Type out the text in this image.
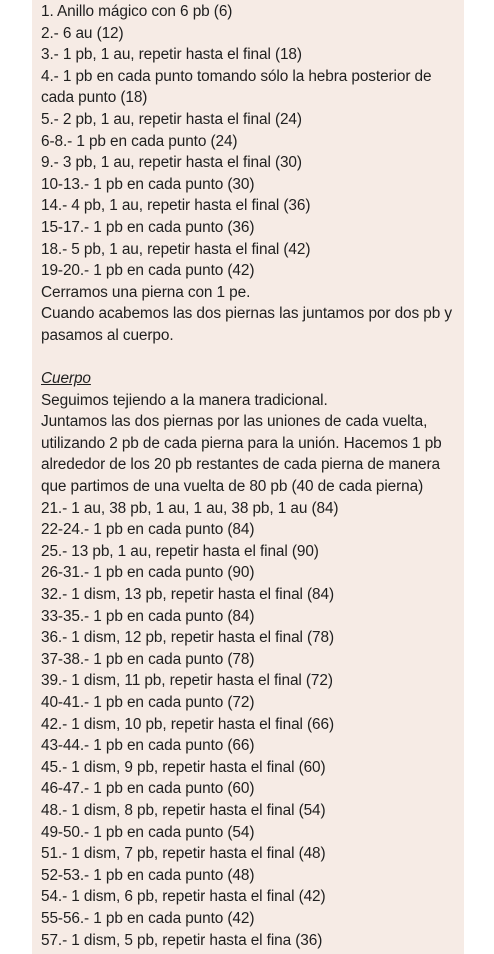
1. Anillo mágico con 6 pb (6)
2.- 6 au (12)
3.- 1 pb, 1 au, repetir hasta el final (18)
4.- 1 pb en cada punto tomando sólo la hebra posterior de cada punto (18)
5.- 2 pb, 1 au, repetir hasta el final (24)
6-8.- 1 pb en cada punto (24)
9.- 3 pb, 1 au, repetir hasta el final (30)
10-13.- 1 pb en cada punto (30)
14.- 4 pb, 1 au, repetir hasta el final (36)
15-17.- 1 pb en cada punto (36)
18.- 5 pb, 1 au, repetir hasta el final (42)
19-20.- 1 pb en cada punto (42)
Cerramos una pierna con 1 pe.
Cuando acabemos las dos piernas las juntamos por dos pb y pasamos al cuerpo.
Cuerpo
Seguimos tejiendo a la manera tradicional.
Juntamos las dos piernas por las uniones de cada vuelta, utilizando 2 pb de cada pierna para la unión. Hacemos 1 pb alrededor de los 20 pb restantes de cada pierna de manera que partimos de una vuelta de 80 pb (40 de cada pierna)
21.- 1 au, 38 pb, 1 au, 1 au, 38 pb, 1 au (84)
22-24.- 1 pb en cada punto (84)
25.- 13 pb, 1 au, repetir hasta el final (90)
26-31.- 1 pb en cada punto (90)
32.- 1 dism, 13 pb, repetir hasta el final (84)
33-35.- 1 pb en cada punto (84)
36.- 1 dism, 12 pb, repetir hasta el final (78)
37-38.- 1 pb en cada punto (78)
39.- 1 dism, 11 pb, repetir hasta el final (72)
40-41.- 1 pb en cada punto (72)
42.- 1 dism, 10 pb, repetir hasta el final (66)
43-44.- 1 pb en cada punto (66)
45.- 1 dism, 9 pb, repetir hasta el final (60)
46-47.- 1 pb en cada punto (60)
48.- 1 dism, 8 pb, repetir hasta el final (54)
49-50.- 1 pb en cada punto (54)
51.- 1 dism, 7 pb, repetir hasta el final (48)
52-53.- 1 pb en cada punto (48)
54.- 1 dism, 6 pb, repetir hasta el final (42)
55-56.- 1 pb en cada punto (42)
57.- 1 dism, 5 pb, repetir hasta el fina (36)
